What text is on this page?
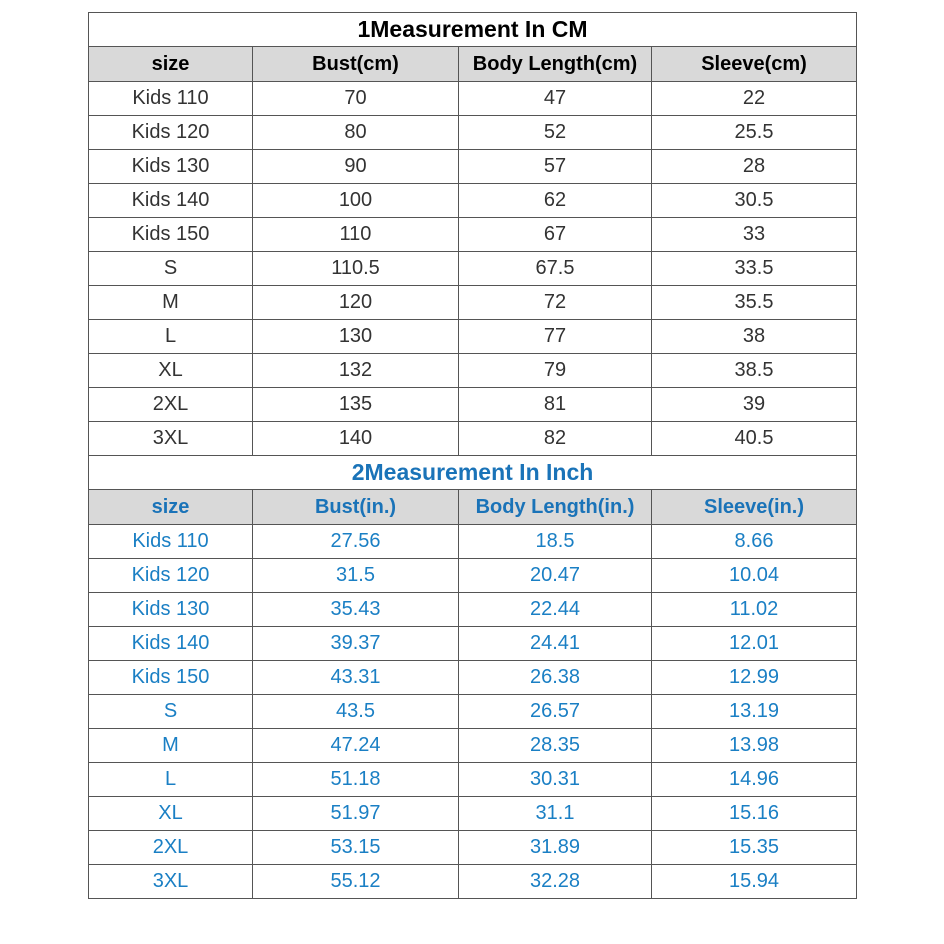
1Measurement In CM			
size	Bust(cm)	Body Length(cm)	Sleeve(cm)
Kids 110	70	47	22
Kids 120	80	52	25.5
Kids 130	90	57	28
Kids 140	100	62	30.5
Kids 150	110	67	33
S	110.5	67.5	33.5
M	120	72	35.5
L	130	77	38
XL	132	79	38.5
2XL	135	81	39
3XL	140	82	40.5
2Measurement In Inch			
size	Bust(in.)	Body Length(in.)	Sleeve(in.)
Kids 110	27.56	18.5	8.66
Kids 120	31.5	20.47	10.04
Kids 130	35.43	22.44	11.02
Kids 140	39.37	24.41	12.01
Kids 150	43.31	26.38	12.99
S	43.5	26.57	13.19
M	47.24	28.35	13.98
L	51.18	30.31	14.96
XL	51.97	31.1	15.16
2XL	53.15	31.89	15.35
3XL	55.12	32.28	15.94
